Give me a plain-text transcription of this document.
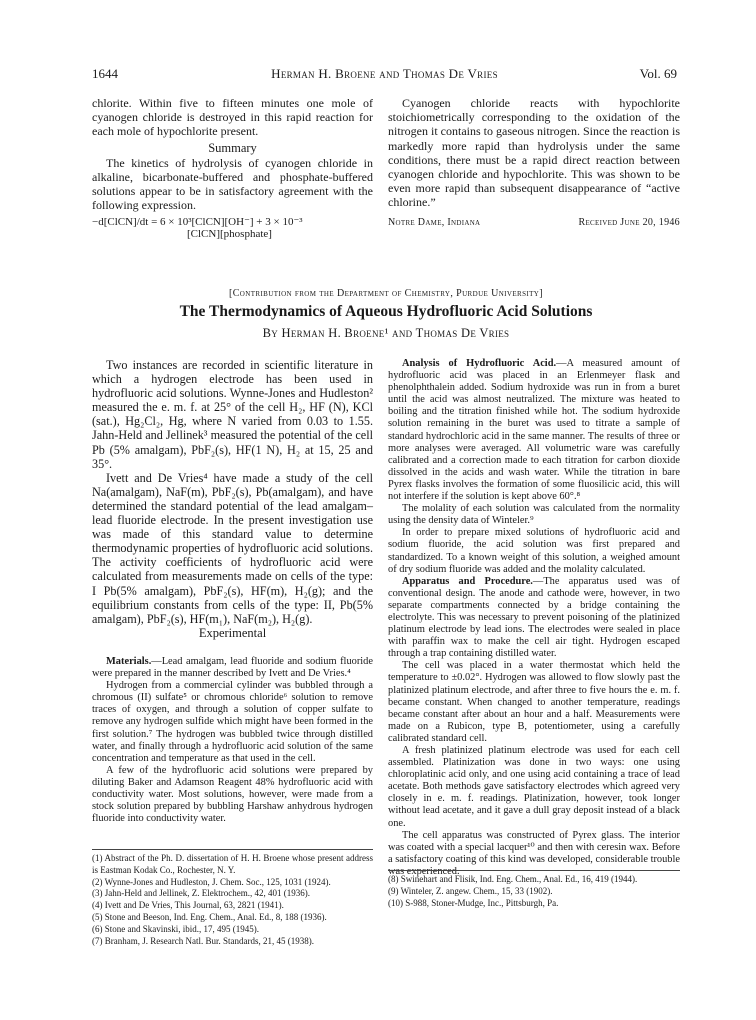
1644	Herman H. Broene and Thomas De Vries	Vol. 69

chlorite. Within five to fifteen minutes one mole of cyanogen chloride is destroyed in this rapid reaction for each mole of hypochlorite present.

Summary

The kinetics of hydrolysis of cyanogen chloride in alkaline, bicarbonate-buffered and phosphate-buffered solutions appear to be in satisfactory agreement with the following expression.

−d[ClCN]/dt = 6 × 10³[ClCN][OH⁻] + 3 × 10⁻³
[ClCN][phosphate]

Cyanogen chloride reacts with hypochlorite stoichiometrically corresponding to the oxidation of the nitrogen it contains to gaseous nitrogen. Since the reaction is markedly more rapid than hydrolysis under the same conditions, there must be a rapid direct reaction between cyanogen chloride and hypochlorite. This was shown to be even more rapid than subsequent disappearance of “active chlorine.”

Notre Dame, Indiana	Received June 20, 1946
[Contribution from the Department of Chemistry, Purdue University]
The Thermodynamics of Aqueous Hydrofluoric Acid Solutions
By Herman H. Broene¹ and Thomas De Vries

Two instances are recorded in scientific literature in which a hydrogen electrode has been used in hydrofluoric acid solutions. Wynne-Jones and Hudleston² measured the e. m. f. at 25° of the cell H₂, HF (N), KCl (sat.), Hg₂Cl₂, Hg, where N varied from 0.03 to 1.55. Jahn-Held and Jellinek³ measured the potential of the cell Pb (5% amalgam), PbF₂(s), HF(1 N), H₂ at 15, 25 and 35°.

Ivett and De Vries⁴ have made a study of the cell Na(amalgam), NaF(m), PbF₂(s), Pb(amalgam), and have determined the standard potential of the lead amalgam–lead fluoride electrode. In the present investigation use was made of this standard value to determine thermodynamic properties of hydrofluoric acid solutions. The activity coefficients of hydrofluoric acid were calculated from measurements made on cells of the type: I Pb(5% amalgam), PbF₂(s), HF(m), H₂(g); and the equilibrium constants from cells of the type: II, Pb(5% amalgam), PbF₂(s), HF(m₁), NaF(m₂), H₂(g).

Experimental

Materials.—Lead amalgam, lead fluoride and sodium fluoride were prepared in the manner described by Ivett and De Vries.⁴

Hydrogen from a commercial cylinder was bubbled through a chromous (II) sulfate⁵ or chromous chloride⁶ solution to remove traces of oxygen, and through a solution of copper sulfate to remove any hydrogen sulfide which might have been formed in the first solution.⁷ The hydrogen was bubbled twice through distilled water, and finally through a hydrofluoric acid solution of the same concentration and temperature as that used in the cell.

A few of the hydrofluoric acid solutions were prepared by diluting Baker and Adamson Reagent 48% hydrofluoric acid with conductivity water. Most solutions, however, were made from a stock solution prepared by bubbling Harshaw anhydrous hydrogen fluoride into conductivity water.

(1) Abstract of the Ph. D. dissertation of H. H. Broene whose present address is Eastman Kodak Co., Rochester, N. Y.
(2) Wynne-Jones and Hudleston, J. Chem. Soc., 125, 1031 (1924).
(3) Jahn-Held and Jellinek, Z. Elektrochem., 42, 401 (1936).
(4) Ivett and De Vries, This Journal, 63, 2821 (1941).
(5) Stone and Beeson, Ind. Eng. Chem., Anal. Ed., 8, 188 (1936).
(6) Stone and Skavinski, ibid., 17, 495 (1945).
(7) Branham, J. Research Natl. Bur. Standards, 21, 45 (1938).

Analysis of Hydrofluoric Acid.—A measured amount of hydrofluoric acid was placed in an Erlenmeyer flask and phenolphthalein added. Sodium hydroxide was run in from a buret until the acid was almost neutralized. The mixture was heated to boiling and the titration finished while hot. The sodium hydroxide solution remaining in the buret was used to titrate a sample of standard hydrochloric acid in the same manner. The results of three or more analyses were averaged. All volumetric ware was carefully calibrated and a correction made to each titration for carbon dioxide dissolved in the acids and wash water. While the titration in bare Pyrex flasks involves the formation of some fluosilicic acid, this will not interfere if the solution is kept above 60°.⁸

The molality of each solution was calculated from the normality using the density data of Winteler.⁹

In order to prepare mixed solutions of hydrofluoric acid and sodium fluoride, the acid solution was first prepared and standardized. To a known weight of this solution, a weighed amount of dry sodium fluoride was added and the molality calculated.

Apparatus and Procedure.—The apparatus used was of conventional design. The anode and cathode were, however, in two separate compartments connected by a bridge containing the electrolyte. This was necessary to prevent poisoning of the platinized platinum electrode by lead ions. The electrodes were sealed in place with paraffin wax to make the cell air tight. Hydrogen escaped through a trap containing distilled water.

The cell was placed in a water thermostat which held the temperature to ±0.02°. Hydrogen was allowed to flow slowly past the platinized platinum electrode, and after three to five hours the e. m. f. became constant. When changed to another temperature, readings became constant after about an hour and a half. Measurements were made on a Rubicon, type B, potentiometer, using a carefully calibrated standard cell.

A fresh platinized platinum electrode was used for each cell assembled. Platinization was done in two ways: one using chloroplatinic acid only, and one using acid containing a trace of lead acetate. Both methods gave satisfactory electrodes which agreed very closely in e. m. f. readings. Platinization, however, took longer without lead acetate, and it gave a dull gray deposit instead of a black one.

The cell apparatus was constructed of Pyrex glass. The interior was coated with a special lacquer¹⁰ and then with ceresin wax. Before a satisfactory coating of this kind was developed, considerable trouble was experienced.

(8) Swinehart and Flisik, Ind. Eng. Chem., Anal. Ed., 16, 419 (1944).
(9) Winteler, Z. angew. Chem., 15, 33 (1902).
(10) S-988, Stoner-Mudge, Inc., Pittsburgh, Pa.
